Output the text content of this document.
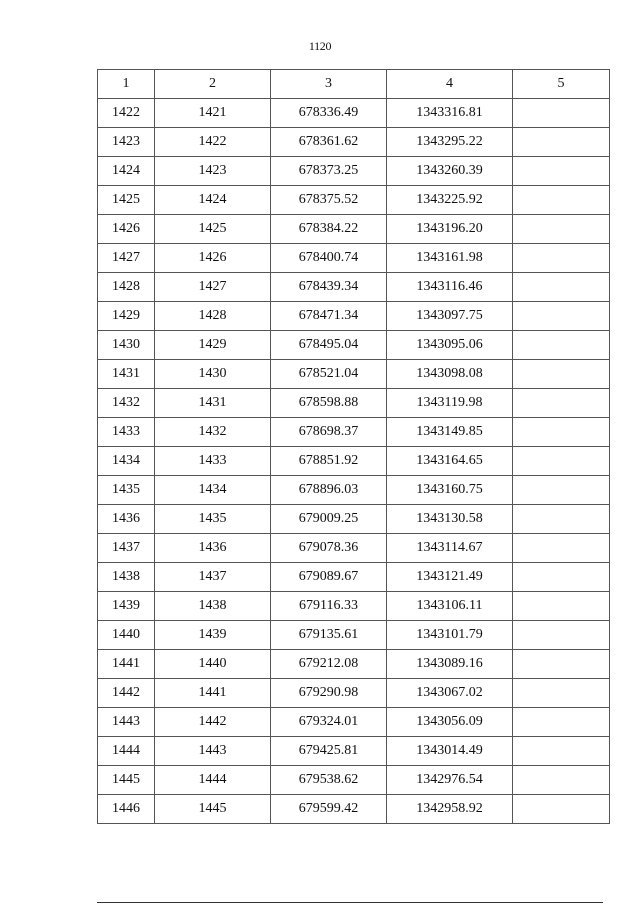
1120
1	2	3	4	5
1422	1421	678336.49	1343316.81	
1423	1422	678361.62	1343295.22	
1424	1423	678373.25	1343260.39	
1425	1424	678375.52	1343225.92	
1426	1425	678384.22	1343196.20	
1427	1426	678400.74	1343161.98	
1428	1427	678439.34	1343116.46	
1429	1428	678471.34	1343097.75	
1430	1429	678495.04	1343095.06	
1431	1430	678521.04	1343098.08	
1432	1431	678598.88	1343119.98	
1433	1432	678698.37	1343149.85	
1434	1433	678851.92	1343164.65	
1435	1434	678896.03	1343160.75	
1436	1435	679009.25	1343130.58	
1437	1436	679078.36	1343114.67	
1438	1437	679089.67	1343121.49	
1439	1438	679116.33	1343106.11	
1440	1439	679135.61	1343101.79	
1441	1440	679212.08	1343089.16	
1442	1441	679290.98	1343067.02	
1443	1442	679324.01	1343056.09	
1444	1443	679425.81	1343014.49	
1445	1444	679538.62	1342976.54	
1446	1445	679599.42	1342958.92	
